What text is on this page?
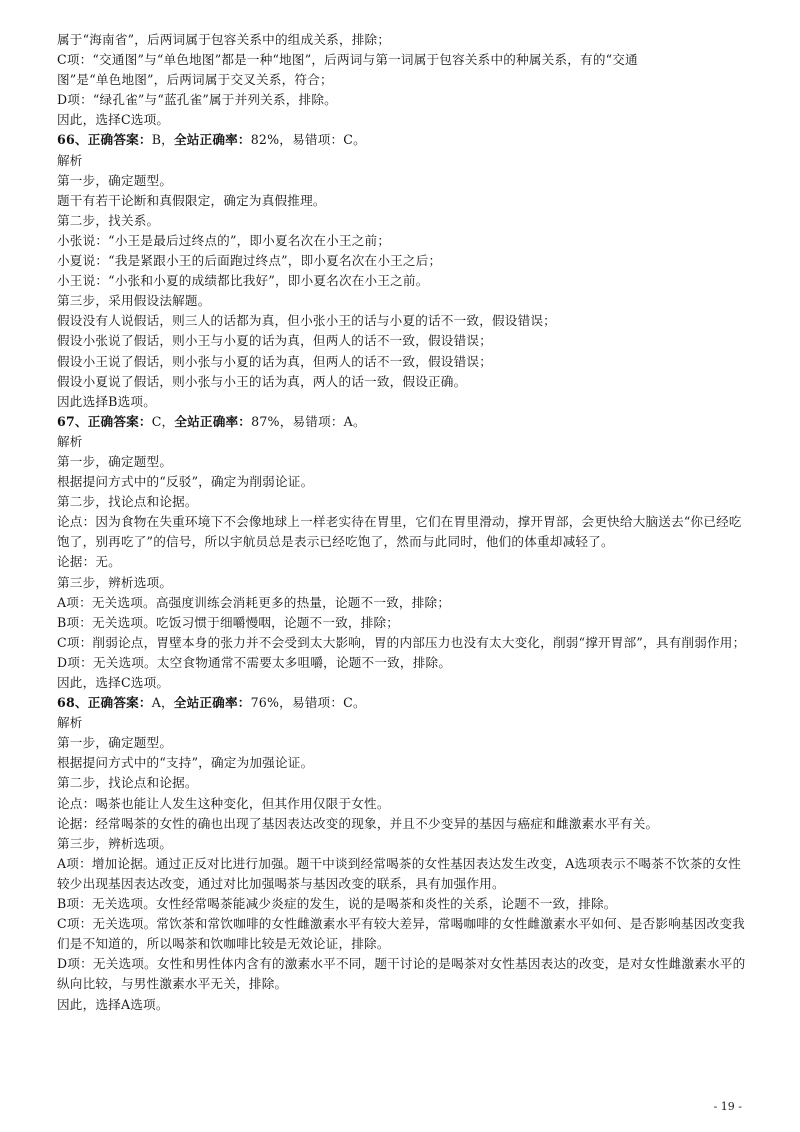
属于“海南省”，后两词属于包容关系中的组成关系，排除；

C项：“交通图”与“单色地图”都是一种“地图”，后两词与第一词属于包容关系中的种属关系，有的“交通

图”是“单色地图”，后两词属于交叉关系，符合；

D项：“绿孔雀”与“蓝孔雀”属于并列关系，排除。

因此，选择C选项。

66、正确答案：B，全站正确率：82%，易错项：C。

解析

第一步，确定题型。

题干有若干论断和真假限定，确定为真假推理。

第二步，找关系。

小张说：“小王是最后过终点的”，即小夏名次在小王之前；

小夏说：“我是紧跟小王的后面跑过终点”，即小夏名次在小王之后；

小王说：“小张和小夏的成绩都比我好”，即小夏名次在小王之前。

第三步，采用假设法解题。

假设没有人说假话，则三人的话都为真，但小张小王的话与小夏的话不一致，假设错误；

假设小张说了假话，则小王与小夏的话为真，但两人的话不一致，假设错误；

假设小王说了假话，则小张与小夏的话为真，但两人的话不一致，假设错误；

假设小夏说了假话，则小张与小王的话为真，两人的话一致，假设正确。

因此选择B选项。

67、正确答案：C，全站正确率：87%，易错项：A。

解析

第一步，确定题型。

根据提问方式中的“反驳”，确定为削弱论证。

第二步，找论点和论据。

论点：因为食物在失重环境下不会像地球上一样老实待在胃里，它们在胃里滑动，撑开胃部，会更快给大脑送去“你已经吃饱了，别再吃了”的信号，所以宇航员总是表示已经吃饱了，然而与此同时，他们的体重却减轻了。

论据：无。

第三步，辨析选项。

A项：无关选项。高强度训练会消耗更多的热量，论题不一致，排除；

B项：无关选项。吃饭习惯于细嚼慢咽，论题不一致，排除；

C项：削弱论点，胃壁本身的张力并不会受到太大影响，胃的内部压力也没有太大变化，削弱“撑开胃部”，具有削弱作用；

D项：无关选项。太空食物通常不需要太多咀嚼，论题不一致，排除。

因此，选择C选项。

68、正确答案：A，全站正确率：76%，易错项：C。

解析

第一步，确定题型。

根据提问方式中的“支持”，确定为加强论证。

第二步，找论点和论据。

论点：喝茶也能让人发生这种变化，但其作用仅限于女性。

论据：经常喝茶的女性的确也出现了基因表达改变的现象，并且不少变异的基因与癌症和雌激素水平有关。

第三步，辨析选项。

A项：增加论据。通过正反对比进行加强。题干中谈到经常喝茶的女性基因表达发生改变，A选项表示不喝茶不饮茶的女性较少出现基因表达改变，通过对比加强喝茶与基因改变的联系，具有加强作用。

B项：无关选项。女性经常喝茶能减少炎症的发生，说的是喝茶和炎性的关系，论题不一致，排除。

C项：无关选项。常饮茶和常饮咖啡的女性雌激素水平有较大差异，常喝咖啡的女性雌激素水平如何、是否影响基因改变我们是不知道的，所以喝茶和饮咖啡比较是无效论证，排除。

D项：无关选项。女性和男性体内含有的激素水平不同，题干讨论的是喝茶对女性基因表达的改变，是对女性雌激素水平的纵向比较，与男性激素水平无关，排除。

因此，选择A选项。

- 19 -
